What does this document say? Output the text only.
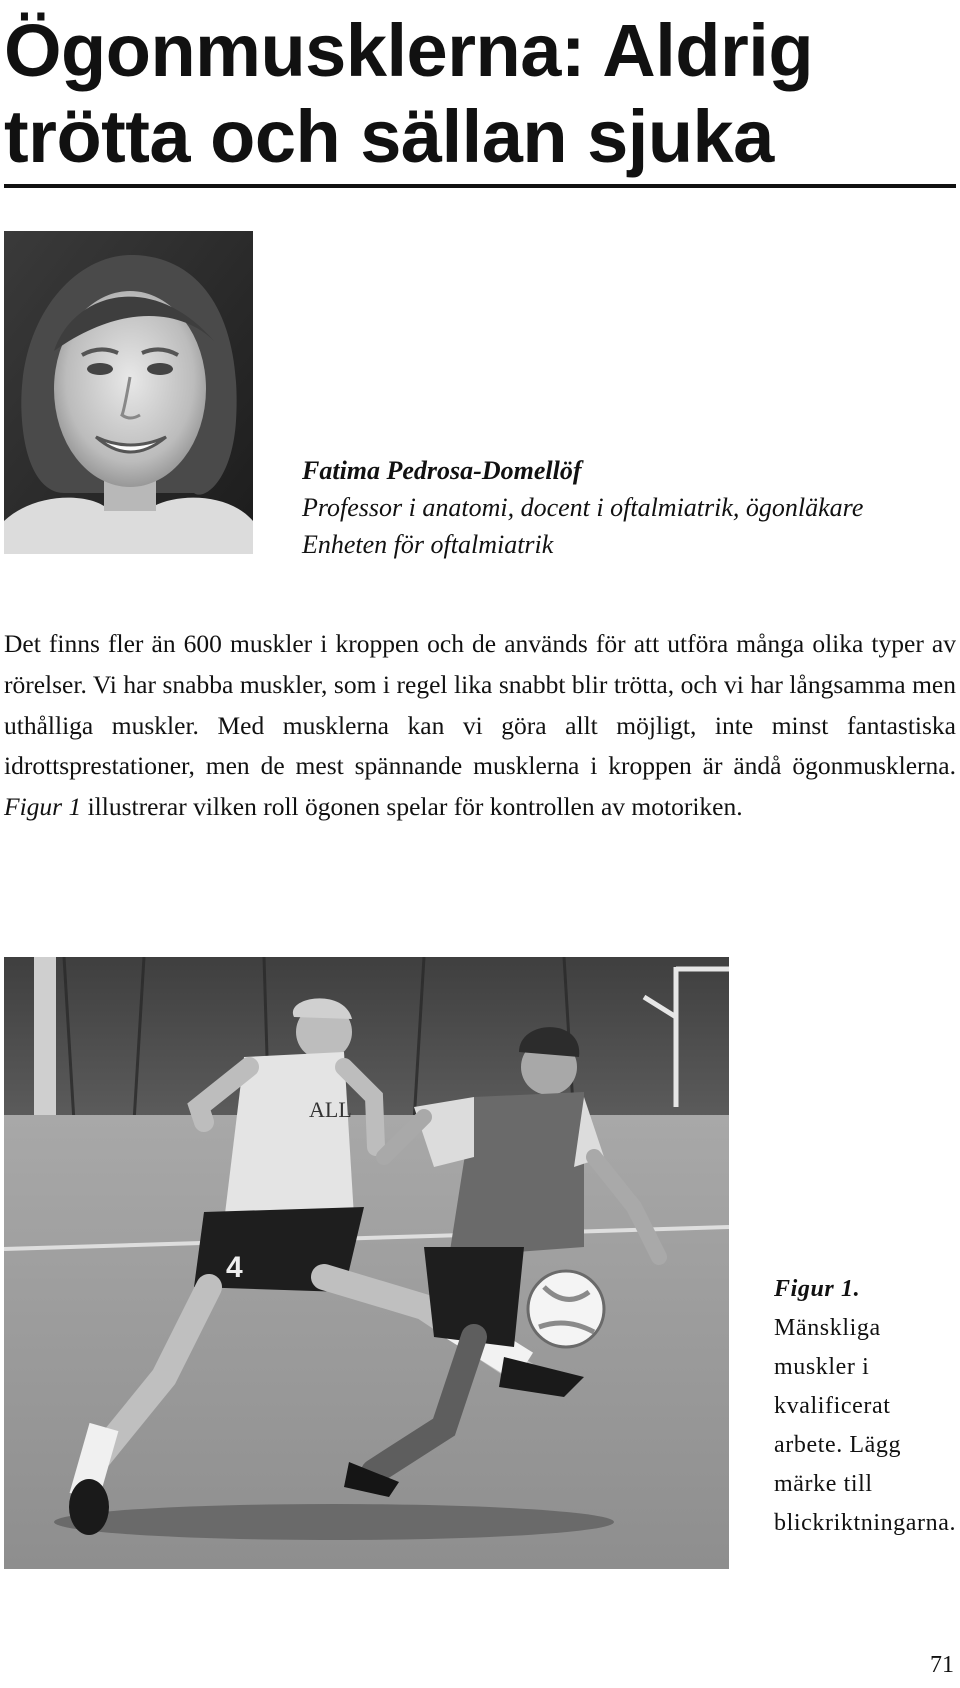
Ögonmusklerna: Aldrig trötta och sällan sjuka
Fatima Pedrosa-Domellöf
Professor i anatomi, docent i oftalmiatrik, ögonläkare
Enheten för oftalmiatrik

Det finns fler än 600 muskler i kroppen och de används för att utföra många olika typer av rörelser. Vi har snabba muskler, som i regel lika snabbt blir trötta, och vi har långsamma men uthålliga muskler. Med musklerna kan vi göra allt möjligt, inte minst fantastiska idrottsprestationer, men de mest spännande musklerna i kroppen är ändå ögonmusklerna. Figur 1 illustrerar vilken roll ögonen spelar för kontrollen av motoriken.

ALL
4
Figur 1. Mänskliga muskler i kvalificerat arbete. Lägg märke till blickriktningarna.
71
